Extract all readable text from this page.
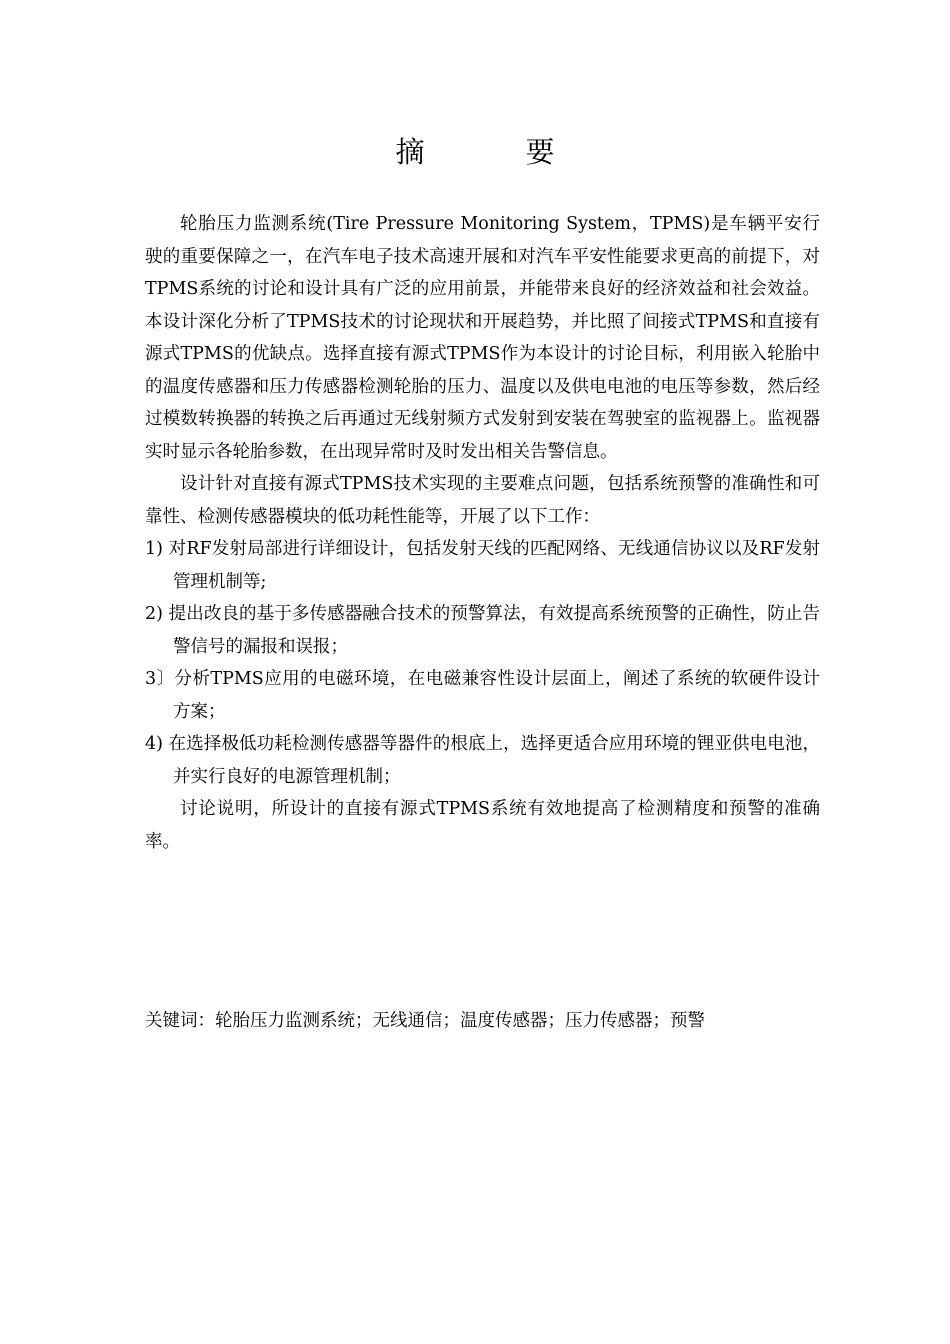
摘　要

轮胎压力监测系统(Tire Pressure Monitoring System，TPMS)是车辆平安行驶的重要保障之一，在汽车电子技术高速开展和对汽车平安性能要求更高的前提下，对TPMS系统的讨论和设计具有广泛的应用前景，并能带来良好的经济效益和社会效益。本设计深化分析了TPMS技术的讨论现状和开展趋势，并比照了间接式TPMS和直接有源式TPMS的优缺点。选择直接有源式TPMS作为本设计的讨论目标，利用嵌入轮胎中的温度传感器和压力传感器检测轮胎的压力、温度以及供电电池的电压等参数，然后经过模数转换器的转换之后再通过无线射频方式发射到安装在驾驶室的监视器上。监视器实时显示各轮胎参数，在出现异常时及时发出相关告警信息。

设计针对直接有源式TPMS技术实现的主要难点问题，包括系统预警的准确性和可靠性、检测传感器模块的低功耗性能等，开展了以下工作：

1) 对RF发射局部进行详细设计，包括发射天线的匹配网络、无线通信协议以及RF发射管理机制等;

2) 提出改良的基于多传感器融合技术的预警算法，有效提高系统预警的正确性，防止告警信号的漏报和误报；

3〕分析TPMS应用的电磁环境，在电磁兼容性设计层面上，阐述了系统的软硬件设计方案；

4) 在选择极低功耗检测传感器等器件的根底上，选择更适合应用环境的锂亚供电电池，并实行良好的电源管理机制；

讨论说明，所设计的直接有源式TPMS系统有效地提高了检测精度和预警的准确率。

关键词：轮胎压力监测系统；无线通信；温度传感器；压力传感器；预警
